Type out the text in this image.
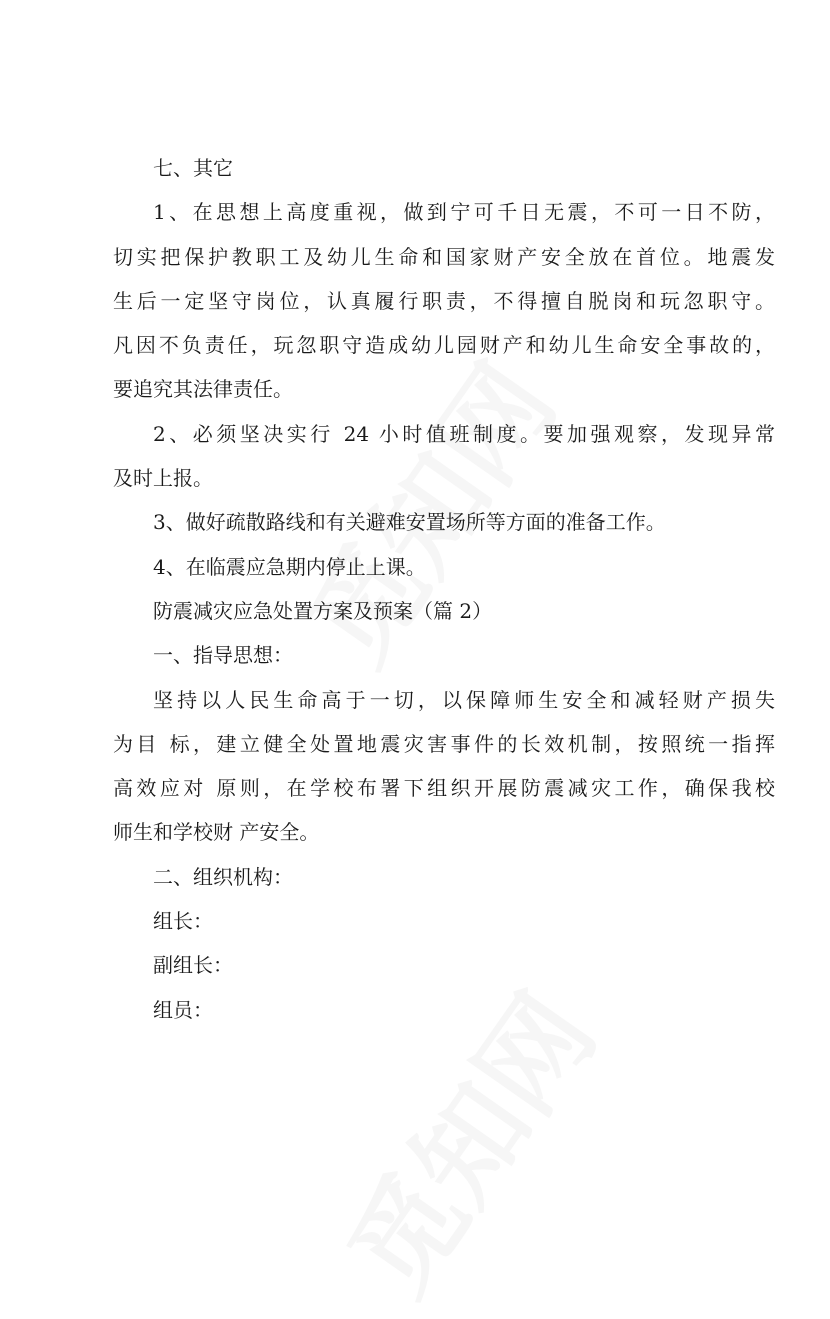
七、其它
1、在思想上高度重视，做到宁可千日无震，不可一日不防，
切实把保护教职工及幼儿生命和国家财产安全放在首位。地震发
生后一定坚守岗位，认真履行职责，不得擅自脱岗和玩忽职守。
凡因不负责任，玩忽职守造成幼儿园财产和幼儿生命安全事故的，
要追究其法律责任。
2、必须坚决实行 24 小时值班制度。要加强观察，发现异常
及时上报。
3、做好疏散路线和有关避难安置场所等方面的准备工作。
4、在临震应急期内停止上课。
防震减灾应急处置方案及预案（篇 2）
一、指导思想：
坚持以人民生命高于一切，以保障师生安全和减轻财产损失
为目 标，建立健全处置地震灾害事件的长效机制，按照统一指挥
高效应对 原则，在学校布署下组织开展防震减灾工作，确保我校
师生和学校财 产安全。
二、组织机构：
组长：
副组长：
组员：
